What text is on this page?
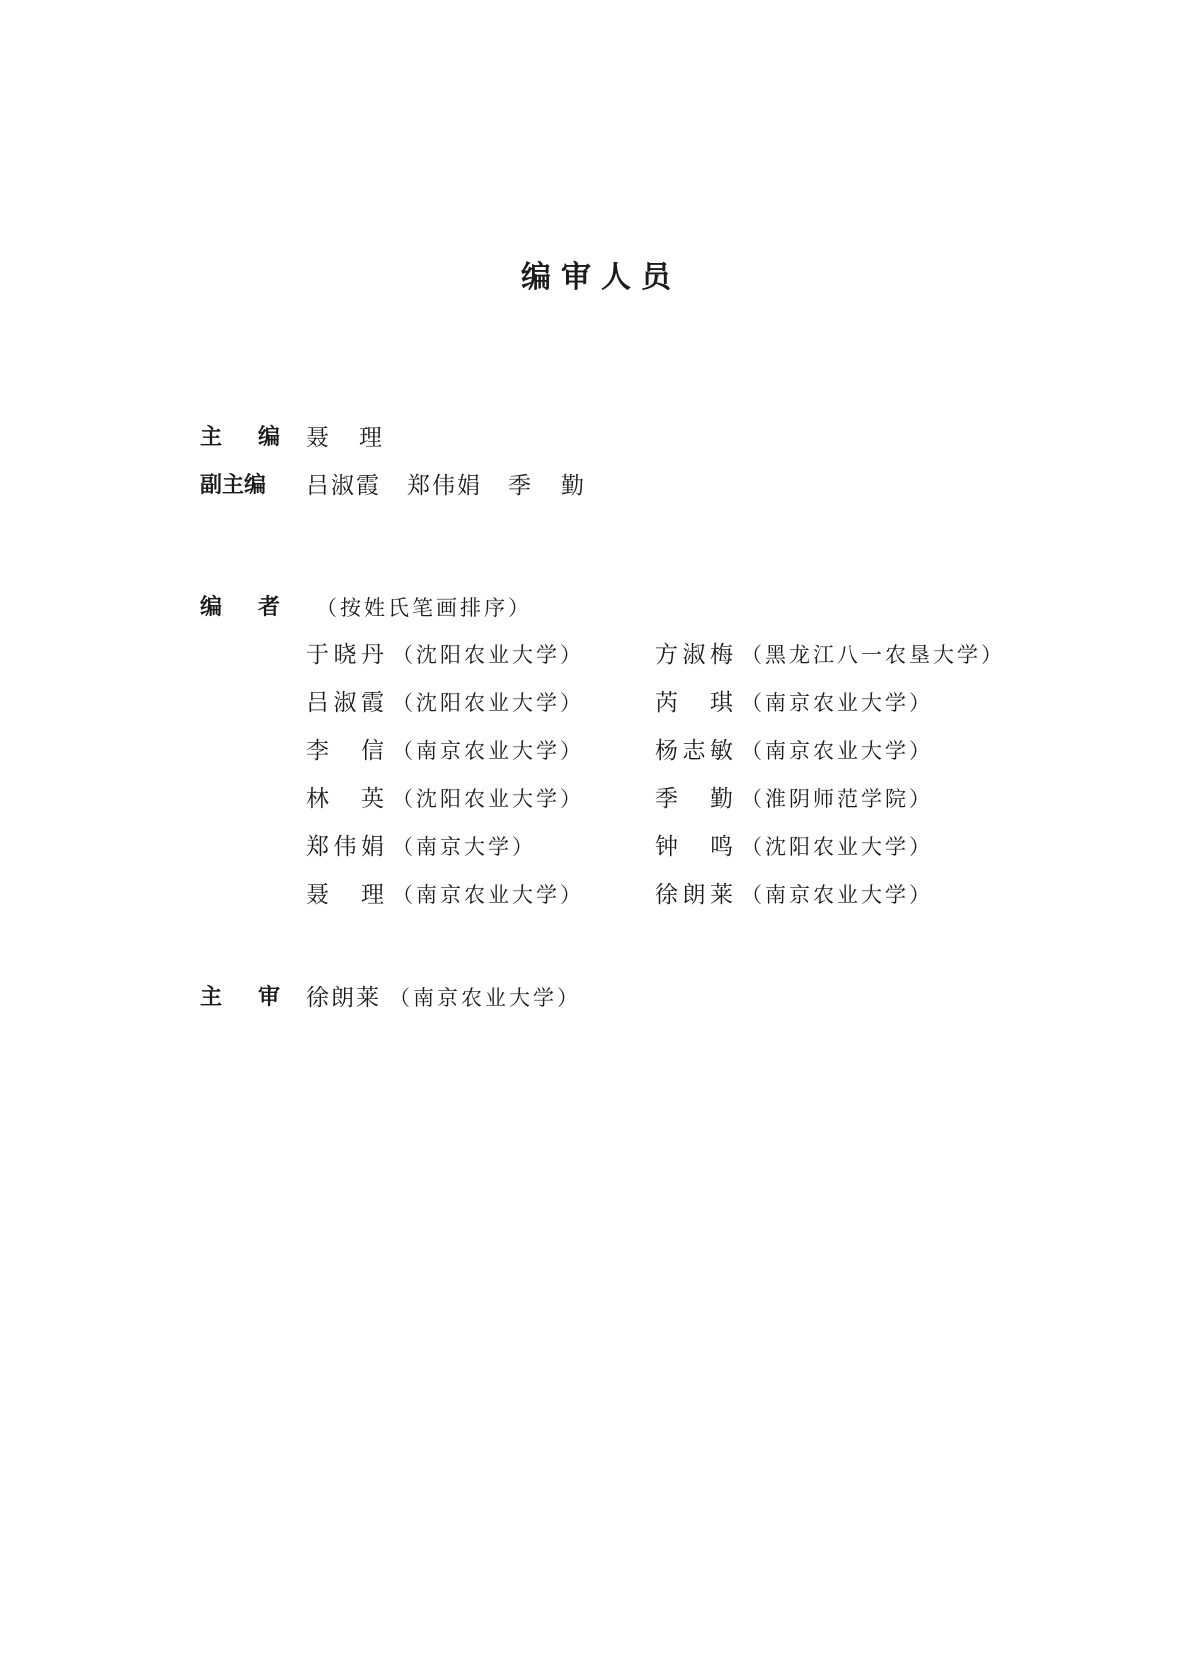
编审人员
主编 聂理
副主编	吕淑霞 郑伟娟 季勤
编者 （按姓氏笔画排序）
于晓丹 （沈阳农业大学）	方淑梅 （黑龙江八一农垦大学）
吕淑霞 （沈阳农业大学）	芮琪 （南京农业大学）
李信 （南京农业大学）	杨志敏 （南京农业大学）
林英 （沈阳农业大学）	季勤 （淮阴师范学院）
郑伟娟 （南京大学）	钟鸣 （沈阳农业大学）
聂理 （南京农业大学）	徐朗莱 （南京农业大学）
主审 徐朗莱 （南京农业大学）
